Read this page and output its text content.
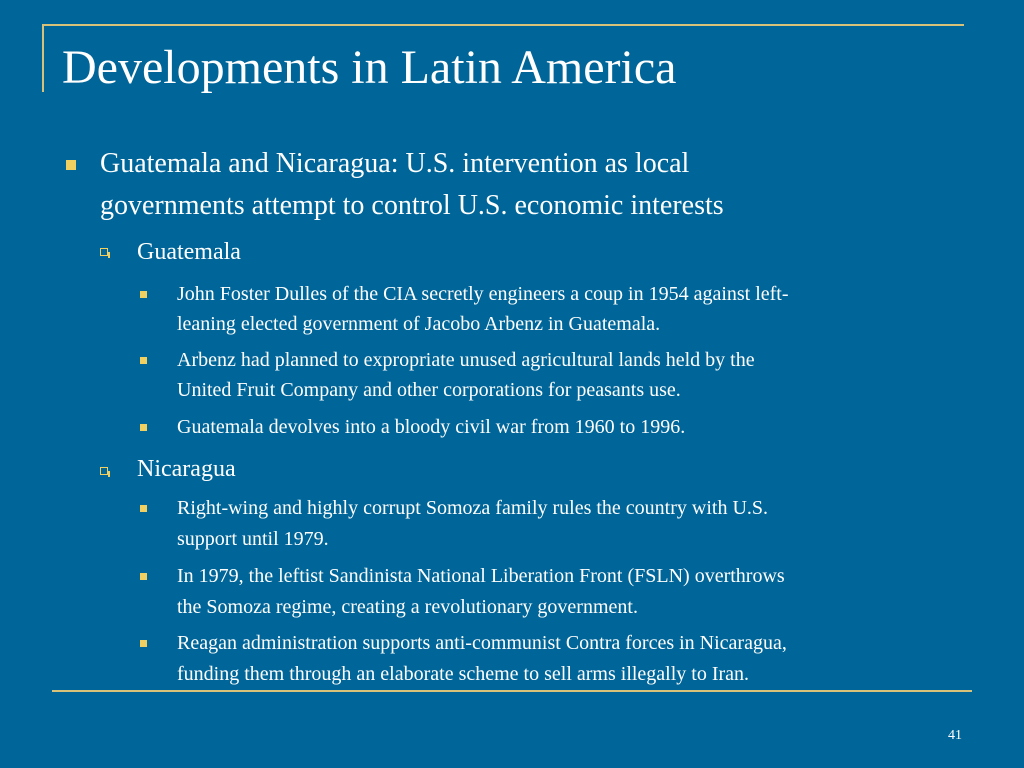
Developments in Latin America
Guatemala and Nicaragua: U.S. intervention as local
governments attempt to control U.S. economic interests
Guatemala
John Foster Dulles of the CIA secretly engineers a coup in 1954 against left-
leaning elected government of Jacobo Arbenz in Guatemala.
Arbenz had planned to expropriate unused agricultural lands held by the
United Fruit Company and other corporations for peasants use.
Guatemala devolves into a bloody civil war from 1960 to 1996.
Nicaragua
Right-wing and highly corrupt Somoza family rules the country with U.S.
support until 1979.
In 1979, the leftist Sandinista National Liberation Front (FSLN) overthrows
the Somoza regime, creating a revolutionary government.
Reagan administration supports anti-communist Contra forces in Nicaragua,
funding them through an elaborate scheme to sell arms illegally to Iran.
41
